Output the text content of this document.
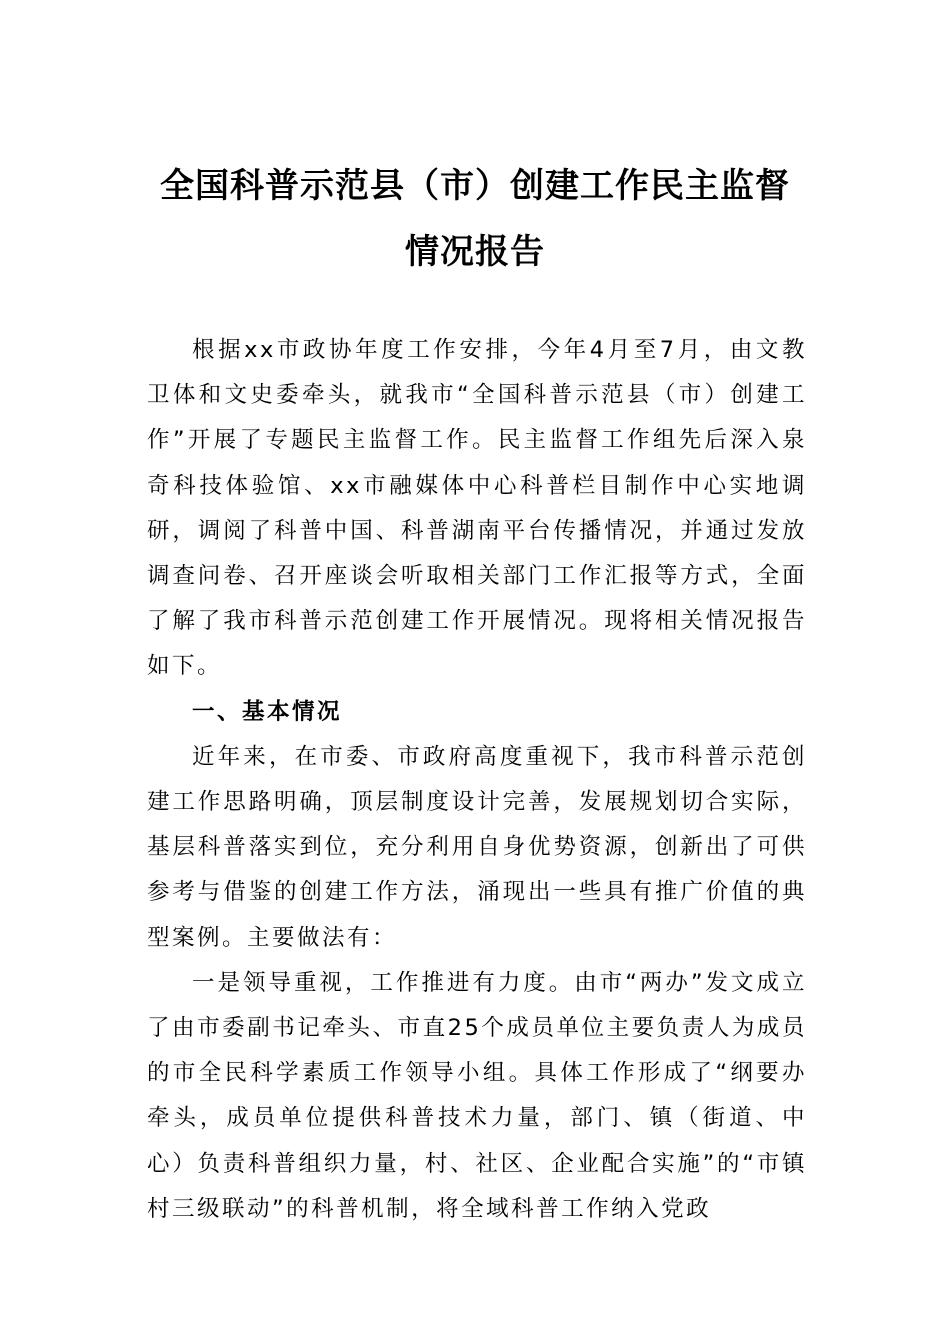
全国科普示范县（市）创建工作民主监督
情况报告

根据xx市政协年度工作安排，今年4月至7月，由文教卫体和文史委牵头，就我市“全国科普示范县（市）创建工作”开展了专题民主监督工作。民主监督工作组先后深入泉奇科技体验馆、xx市融媒体中心科普栏目制作中心实地调研，调阅了科普中国、科普湖南平台传播情况，并通过发放调查问卷、召开座谈会听取相关部门工作汇报等方式，全面了解了我市科普示范创建工作开展情况。现将相关情况报告如下。

一、基本情况

近年来，在市委、市政府高度重视下，我市科普示范创建工作思路明确，顶层制度设计完善，发展规划切合实际，基层科普落实到位，充分利用自身优势资源，创新出了可供参考与借鉴的创建工作方法，涌现出一些具有推广价值的典型案例。主要做法有：

一是领导重视，工作推进有力度。由市“两办”发文成立了由市委副书记牵头、市直25个成员单位主要负责人为成员的市全民科学素质工作领导小组。具体工作形成了“纲要办牵头，成员单位提供科普技术力量，部门、镇（街道、中心）负责科普组织力量，村、社区、企业配合实施”的“市镇村三级联动”的科普机制，将全域科普工作纳入党政
